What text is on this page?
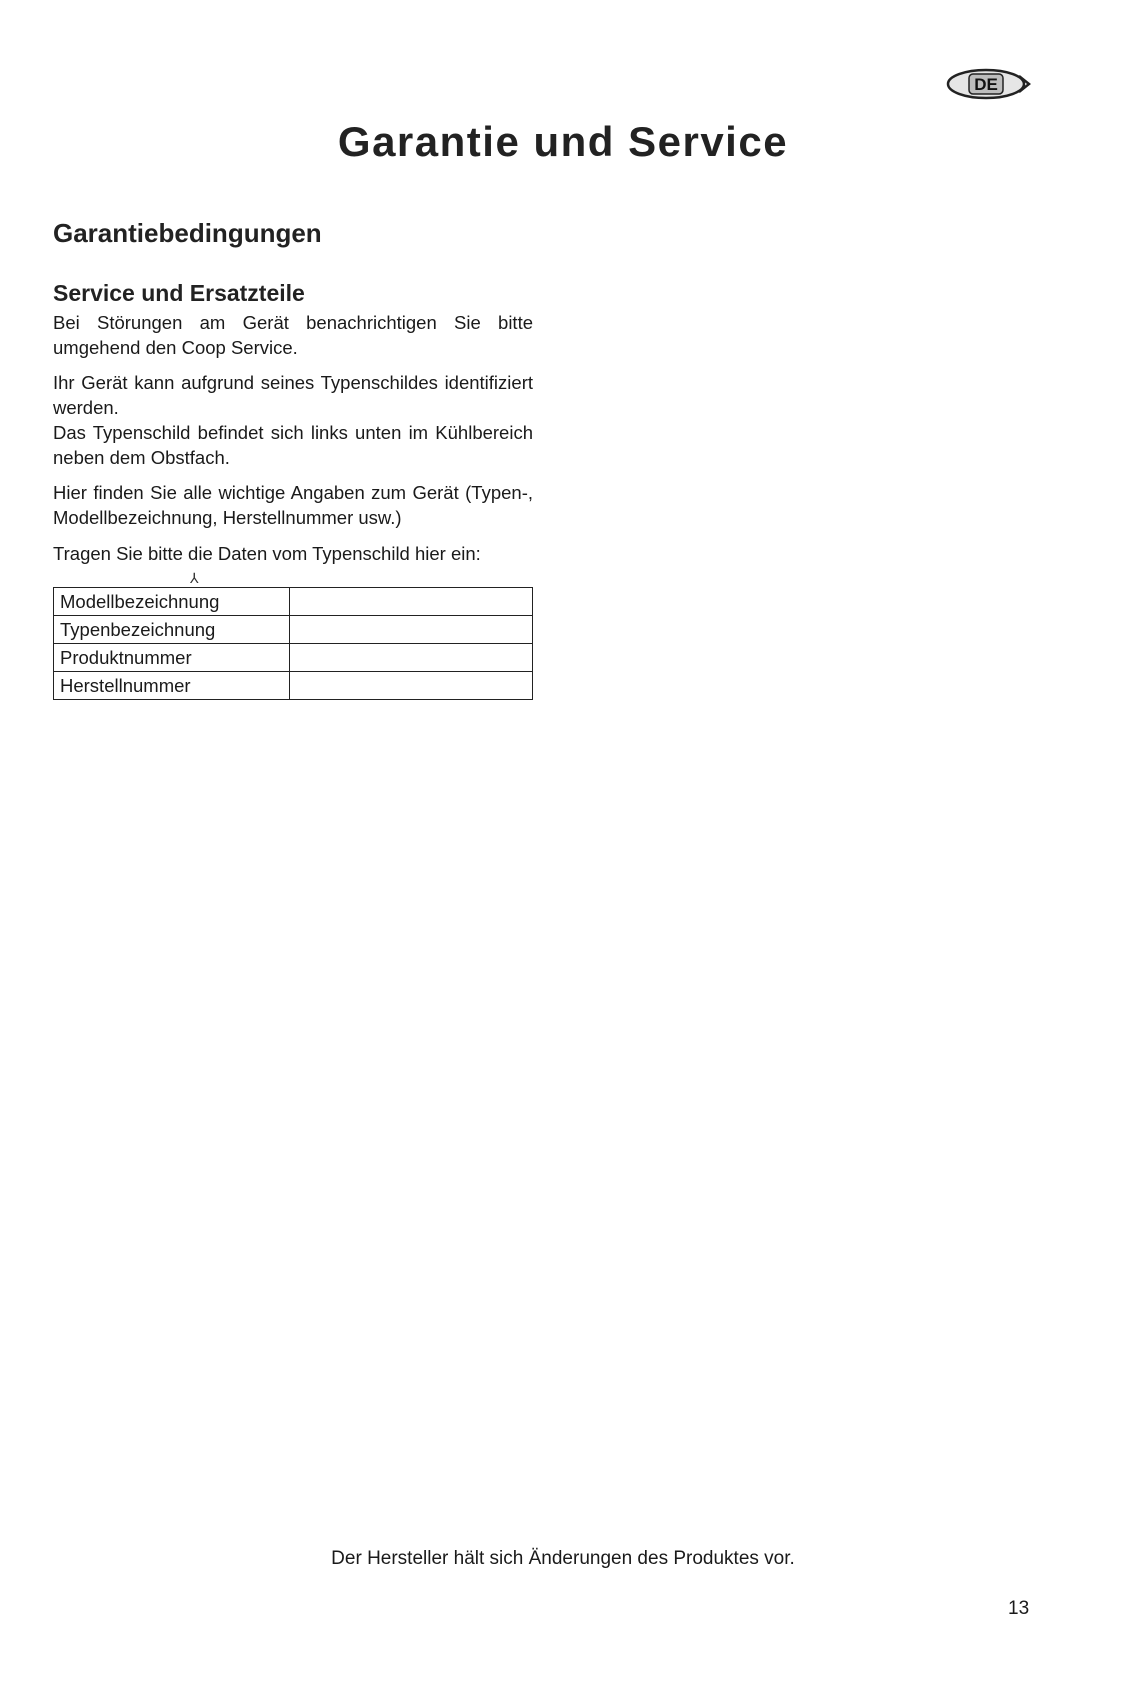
DE
Garantie und Service
Garantiebedingungen
Service und Ersatzteile

Bei Störungen am Gerät benachrichtigen Sie bitte umgehend den Coop Service.

Ihr Gerät kann aufgrund seines Typenschildes identifiziert werden.

Das Typenschild befindet sich links unten im Kühlbereich neben dem Obstfach.

Hier finden Sie alle wichtige Angaben zum Gerät (Typen-, Modellbezeichnung, Herstellnummer usw.)

Tragen Sie bitte die Daten vom Typenschild hier ein:

⅄
Modellbezeichnung	
Typenbezeichnung	
Produktnummer	
Herstellnummer	

Der Hersteller hält sich Änderungen des Produktes vor.

13
